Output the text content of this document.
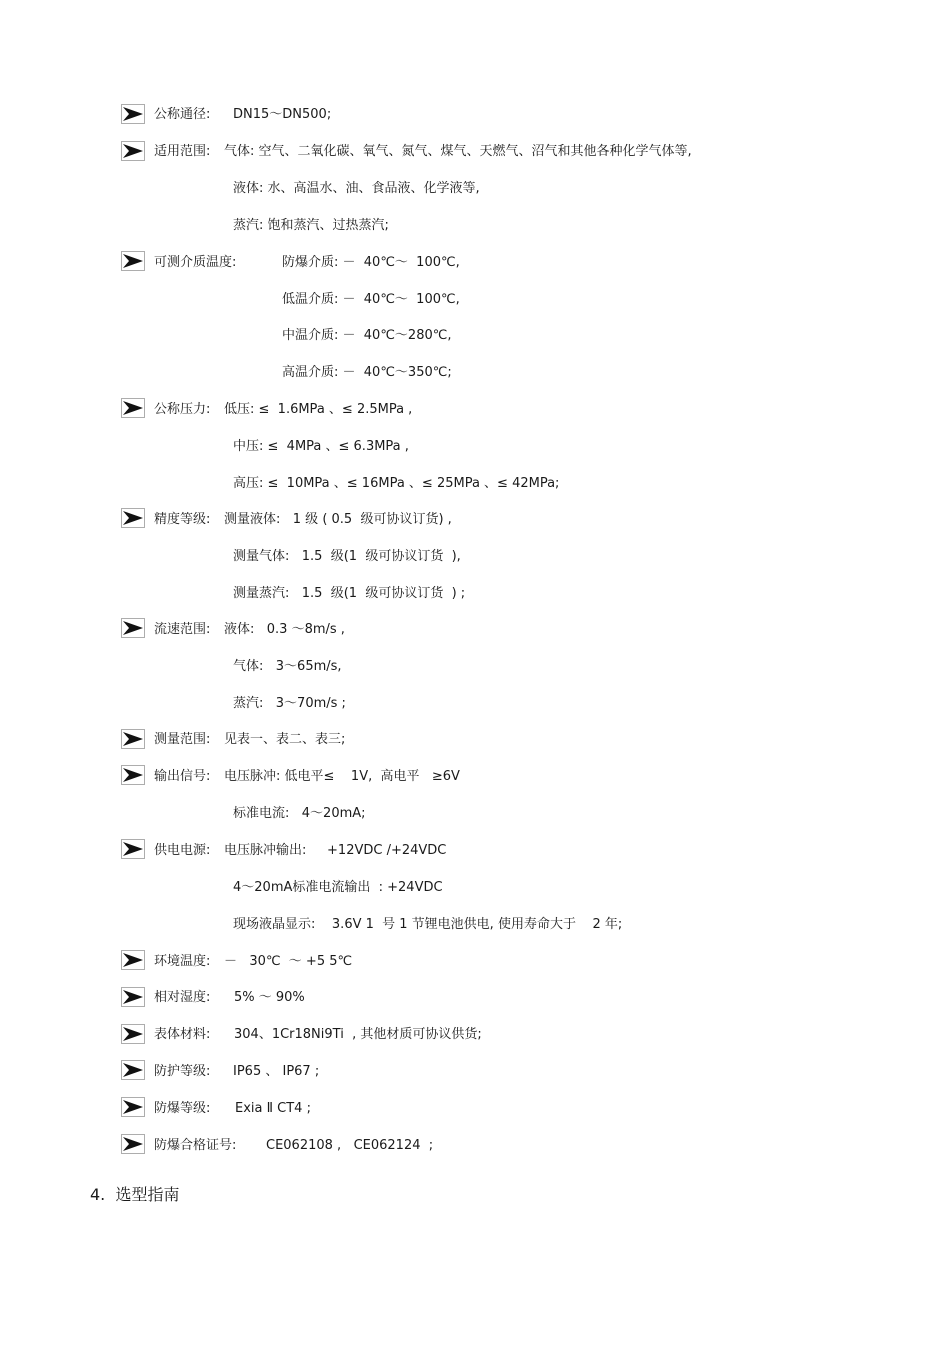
公称通径: DN15～DN500;
适用范围: 气体: 空气、二氧化碳、氧气、氮气、煤气、天燃气、沼气和其他各种化学气体等,
液体: 水、高温水、油、食品液、化学液等,
蒸汽: 饱和蒸汽、过热蒸汽;
可测介质温度:	防爆介质: －  40℃～  100℃,
低温介质: －  40℃～  100℃,
中温介质: －  40℃～280℃,
高温介质: －  40℃～350℃;
公称压力: 低压: ≤  1.6MPa 、≤ 2.5MPa ,
中压: ≤  4MPa 、≤ 6.3MPa ,
高压: ≤  10MPa 、≤ 16MPa 、≤ 25MPa 、≤ 42MPa;
精度等级: 测量液体:   1 级 ( 0.5  级可协议订货) ,
测量气体:   1.5  级(1  级可协议订货  ),
测量蒸汽:   1.5  级(1  级可协议订货  ) ;
流速范围: 液体:   0.3 ～8m/s ,
气体:   3～65m/s,
蒸汽:   3～70m/s ;
测量范围: 见表一、表二、表三;
输出信号: 电压脉冲: 低电平≤    1V,  高电平   ≥6V
标准电流:   4～20mA;
供电电源: 电压脉冲输出:     +12VDC /+24VDC
4～20mA标准电流输出  : +24VDC
现场液晶显示:    3.6V 1  号 1 节锂电池供电, 使用寿命大于    2 年;
环境温度: －   30℃  ～ +5 5℃
相对湿度: 5% ～ 90%
表体材料: 304、1Cr18Ni9Ti  , 其他材质可协议供货;
防护等级: IP65 、 IP67 ;
防爆等级: Exia Ⅱ CT4 ;
防爆合格证号: CE062108 ,   CE062124  ;
4.  选型指南
